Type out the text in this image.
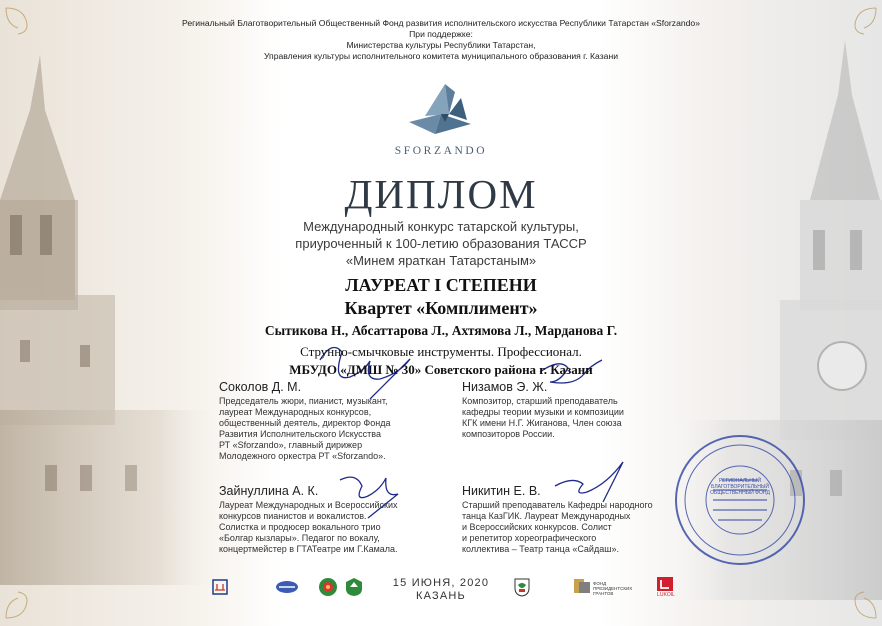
Регинальный Благотворительный Общественный Фонд развития исполнительского искусства Республики Татарстан «Sforzando»
При поддержке:
Министерства культуры Республики Татарстан,
Управления культуры исполнительного комитета муниципального образования г. Казани
SFORZANDO
ДИПЛОМ
Международный конкурс татарской культуры,
приуроченный к 100-летию образования ТАССР
«Минем яраткан Татарстаным»
ЛАУРЕАТ I СТЕПЕНИ
Квартет «Комплимент»
Сытикова Н., Абсаттарова Л., Ахтямова Л., Марданова Г.
Струнно-смычковые инструменты. Профессионал.
МБУДО «ДМШ № 30» Советского района г. Казани
Соколов Д. М.
Председатель жюри, пианист, музыкант,
лауреат Международных конкурсов,
общественный деятель, директор Фонда
Развития Исполнительского Искусства
РТ «Sforzando», главный дирижер
Молодежного оркестра РТ «Sforzando».
Низамов Э. Ж.
Композитор, старший преподаватель
кафедры теории музыки и композиции
КГК имени Н.Г. Жиганова, Член союза
композиторов России.
Зайнуллина А. К.
Лауреат Международных и Всероссийских
конкурсов пианистов и вокалистов.
Солистка и продюсер вокального трио
«Болгар кызлары». Педагог по вокалу,
концертмейстер в ГТАТеатре им Г.Камала.
Никитин Е. В.
Старший преподаватель Кафедры народного
танца КазГИК. Лауреат Международных
и Всероссийских конкурсов. Солист
и репетитор хореографического
коллектива – Театр танца «Сайдаш».
РЕГИОНАЛЬНЫЙ БЛАГОТВОРИТЕЛЬНЫЙ ОБЩЕСТВЕННЫЙ ФОНД
15 ИЮНЯ, 2020
КАЗАНЬ
ФОНД ПРЕЗИДЕНТСКИХ ГРАНТОВ	LUKOIL
